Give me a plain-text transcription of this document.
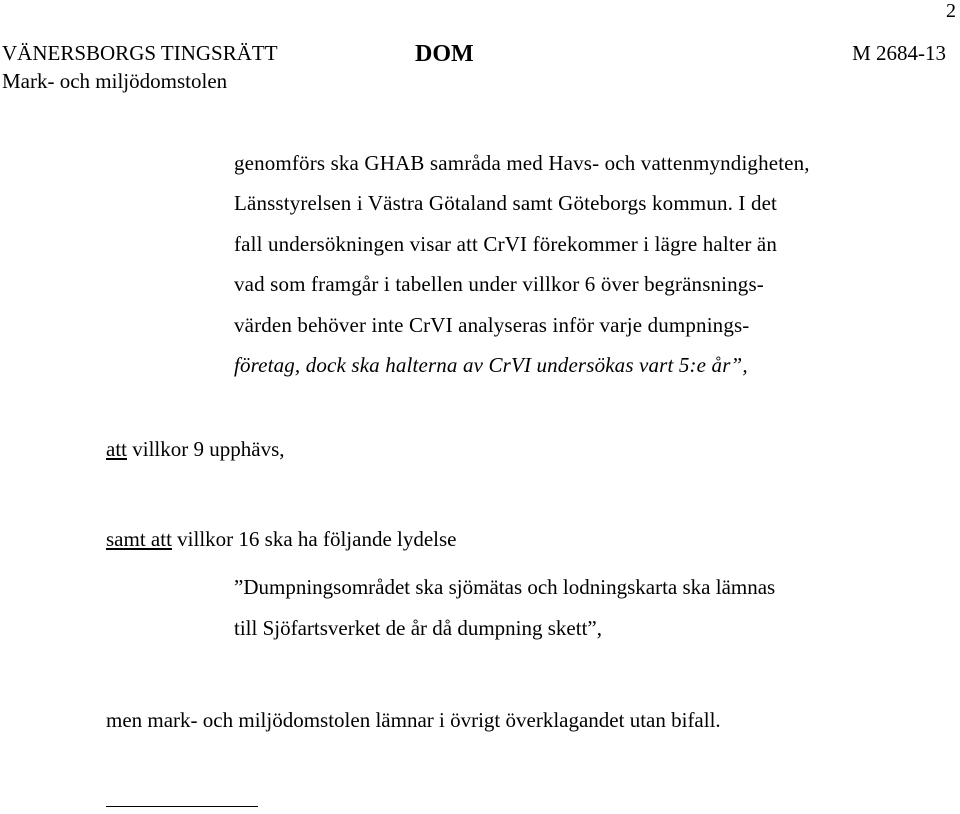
2
VÄNERSBORGS TINGSRÄTT
Mark- och miljödomstolen
DOM	M 2684-13
genomförs ska GHAB samråda med Havs- och vattenmyndigheten,
Länsstyrelsen i Västra Götaland samt Göteborgs kommun. I det
fall undersökningen visar att CrVI förekommer i lägre halter än
vad som framgår i tabellen under villkor 6 över begränsnings-
värden behöver inte CrVI analyseras inför varje dumpnings-
företag, dock ska halterna av CrVI undersökas vart 5:e år”,
att villkor 9 upphävs,
samt att villkor 16 ska ha följande lydelse
”Dumpningsområdet ska sjömätas och lodningskarta ska lämnas
till Sjöfartsverket de år då dumpning skett”,
men mark- och miljödomstolen lämnar i övrigt överklagandet utan bifall.
